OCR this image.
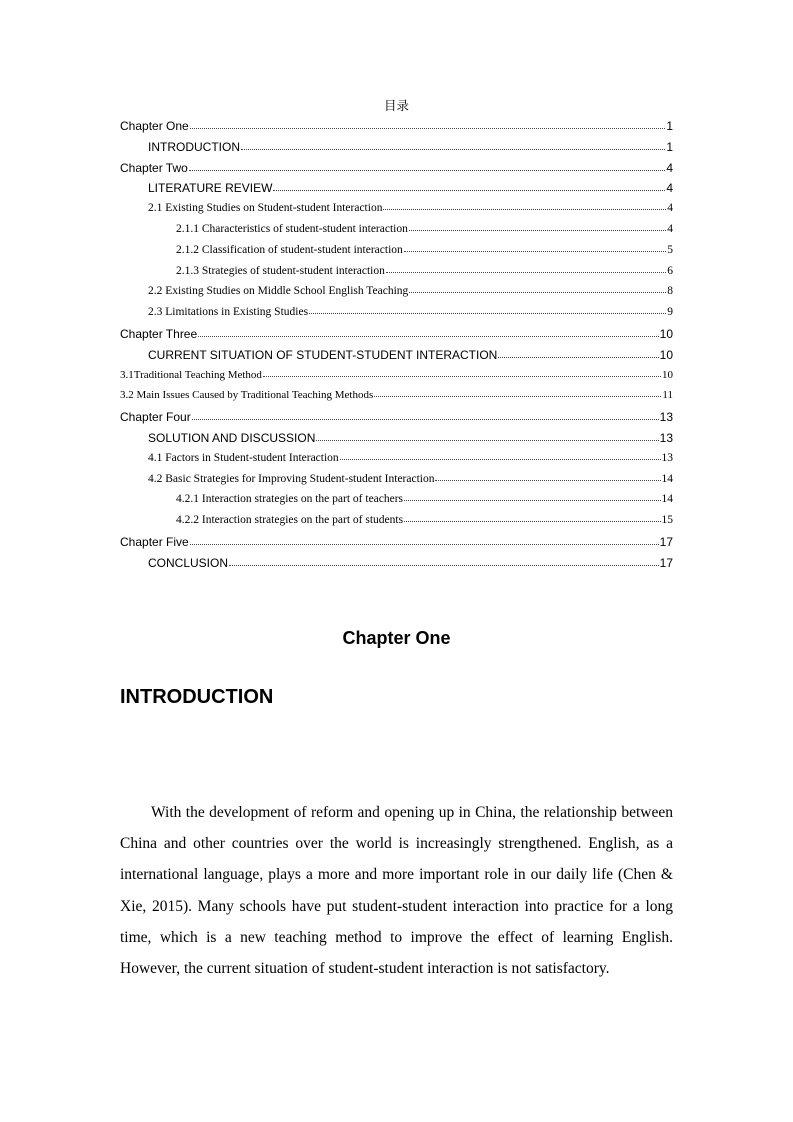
目录
Chapter One	1
INTRODUCTION	1
Chapter Two	4
LITERATURE REVIEW	4
2.1 Existing Studies on Student-student Interaction	4
2.1.1 Characteristics of student-student interaction	4
2.1.2 Classification of student-student interaction	5
2.1.3 Strategies of student-student interaction	6
2.2 Existing Studies on Middle School English Teaching	8
2.3 Limitations in Existing Studies	9
Chapter Three	10
CURRENT SITUATION OF STUDENT-STUDENT INTERACTION	10
3.1Traditional Teaching Method	10
3.2 Main Issues Caused by Traditional Teaching Methods	11
Chapter Four	13
SOLUTION AND DISCUSSION	13
4.1 Factors in Student-student Interaction	13
4.2 Basic Strategies for Improving Student-student Interaction	14
4.2.1 Interaction strategies on the part of teachers	14
4.2.2 Interaction strategies on the part of students	15
Chapter Five	17
CONCLUSION	17
Chapter One
INTRODUCTION

With the development of reform and opening up in China, the relationship between China and other countries over the world is increasingly strengthened. English, as a international language, plays a more and more important role in our daily life (Chen & Xie, 2015). Many schools have put student-student interaction into practice for a long time, which is a new teaching method to improve the effect of learning English. However, the current situation of student-student interaction is not satisfactory.
